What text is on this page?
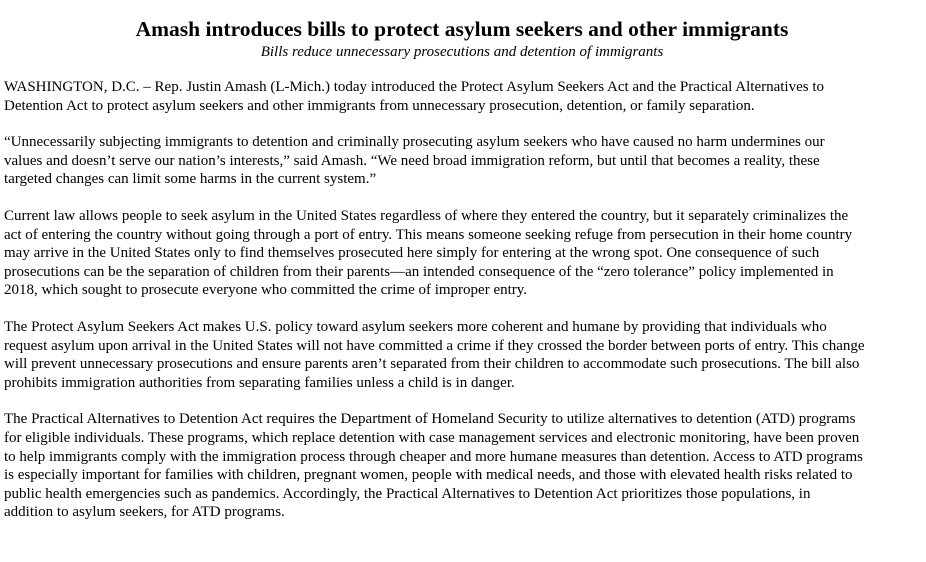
Amash introduces bills to protect asylum seekers and other immigrants
Bills reduce unnecessary prosecutions and detention of immigrants

WASHINGTON, D.C. – Rep. Justin Amash (L-Mich.) today introduced the Protect Asylum Seekers Act and the Practical Alternatives to
Detention Act to protect asylum seekers and other immigrants from unnecessary prosecution, detention, or family separation.

“Unnecessarily subjecting immigrants to detention and criminally prosecuting asylum seekers who have caused no harm undermines our
values and doesn’t serve our nation’s interests,” said Amash. “We need broad immigration reform, but until that becomes a reality, these
targeted changes can limit some harms in the current system.”

Current law allows people to seek asylum in the United States regardless of where they entered the country, but it separately criminalizes the
act of entering the country without going through a port of entry. This means someone seeking refuge from persecution in their home country
may arrive in the United States only to find themselves prosecuted here simply for entering at the wrong spot. One consequence of such
prosecutions can be the separation of children from their parents—an intended consequence of the “zero tolerance” policy implemented in
2018, which sought to prosecute everyone who committed the crime of improper entry.

The Protect Asylum Seekers Act makes U.S. policy toward asylum seekers more coherent and humane by providing that individuals who
request asylum upon arrival in the United States will not have committed a crime if they crossed the border between ports of entry. This change
will prevent unnecessary prosecutions and ensure parents aren’t separated from their children to accommodate such prosecutions. The bill also
prohibits immigration authorities from separating families unless a child is in danger.

The Practical Alternatives to Detention Act requires the Department of Homeland Security to utilize alternatives to detention (ATD) programs
for eligible individuals. These programs, which replace detention with case management services and electronic monitoring, have been proven
to help immigrants comply with the immigration process through cheaper and more humane measures than detention. Access to ATD programs
is especially important for families with children, pregnant women, people with medical needs, and those with elevated health risks related to
public health emergencies such as pandemics. Accordingly, the Practical Alternatives to Detention Act prioritizes those populations, in
addition to asylum seekers, for ATD programs.
